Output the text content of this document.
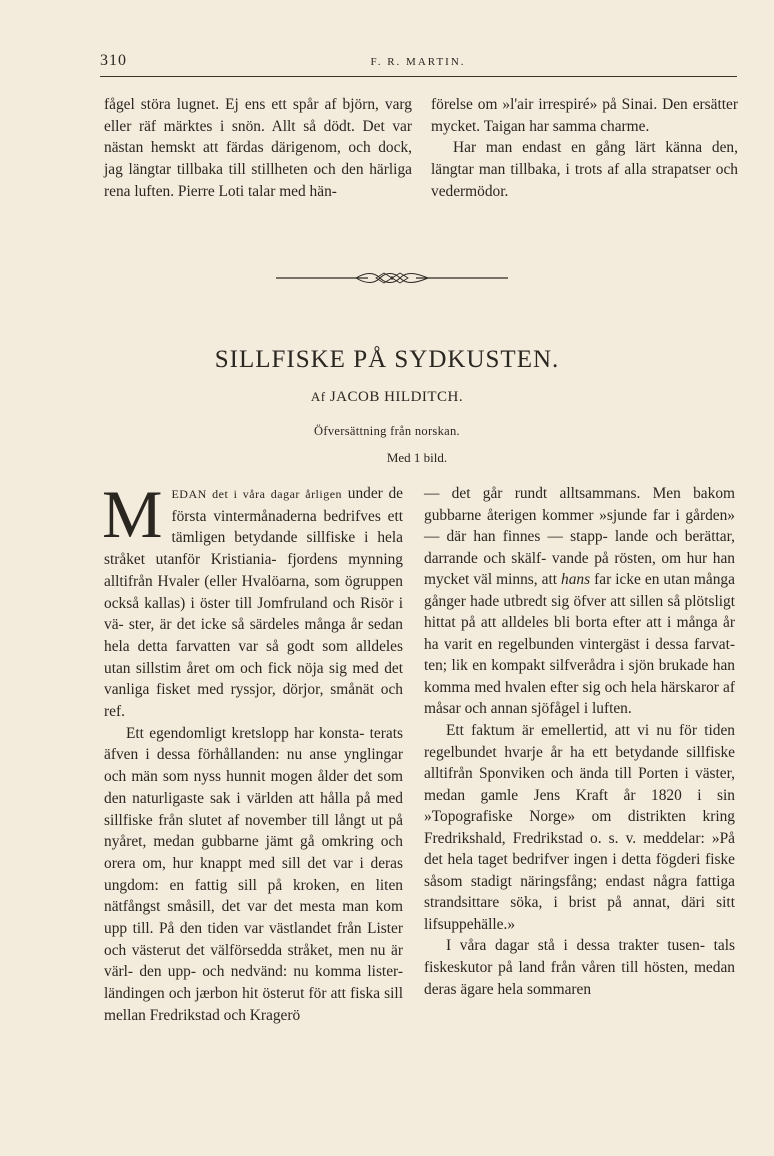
310	F. R. MARTIN.

fågel störa lugnet. Ej ens ett spår af björn, varg eller räf märktes i snön. Allt så dödt. Det var nästan hemskt att färdas därigenom, och dock, jag längtar tillbaka till stillheten och den härliga rena luften. Pierre Loti talar med hän-

förelse om »l'air irrespiré» på Sinai. Den ersätter mycket. Taigan har samma charme.

Har man endast en gång lärt känna den, längtar man tillbaka, i trots af alla strapatser och vedermödor.

SILLFISKE PÅ SYDKUSTEN.
Af JACOB HILDITCH.
Öfversättning från norskan.
Med 1 bild.

M EDAN det i våra dagar årligen under de första vintermånaderna bedrifves ett tämligen betydande sillfiske i hela stråket utanför Kristiania- fjordens mynning alltifrån Hvaler (eller Hvalöarna, som ögruppen också kallas) i öster till Jomfruland och Risör i vä- ster, är det icke så särdeles många år sedan hela detta farvatten var så godt som alldeles utan sillstim året om och fick nöja sig med det vanliga fisket med ryssjor, dörjor, smånät och ref.

Ett egendomligt kretslopp har konsta- terats äfven i dessa förhållanden: nu anse ynglingar och män som nyss hunnit mogen ålder det som den naturligaste sak i världen att hålla på med sillfiske från slutet af november till långt ut på nyåret, medan gubbarne jämt gå omkring och orera om, hur knappt med sill det var i deras ungdom: en fattig sill på kroken, en liten nätfångst småsill, det var det mesta man kom upp till. På den tiden var västlandet från Lister och västerut det välförsedda stråket, men nu är värl- den upp- och nedvänd: nu komma lister- ländingen och jærbon hit österut för att fiska sill mellan Fredrikstad och Kragerö

— det går rundt alltsammans. Men bakom gubbarne återigen kommer »sjunde far i gården» — där han finnes — stapp- lande och berättar, darrande och skälf- vande på rösten, om hur han mycket väl minns, att hans far icke en utan många gånger hade utbredt sig öfver att sillen så plötsligt hittat på att alldeles bli borta efter att i många år ha varit en regelbunden vintergäst i dessa farvat- ten; lik en kompakt silfverådra i sjön brukade han komma med hvalen efter sig och hela härskaror af måsar och annan sjöfågel i luften.

Ett faktum är emellertid, att vi nu för tiden regelbundet hvarje år ha ett betydande sillfiske alltifrån Sponviken och ända till Porten i väster, medan gamle Jens Kraft år 1820 i sin »Topografiske Norge» om distrikten kring Fredrikshald, Fredrikstad o. s. v. meddelar: »På det hela taget bedrifver ingen i detta fögderi fiske såsom stadigt näringsfång; endast några fattiga strandsittare söka, i brist på annat, däri sitt lifsuppehälle.»

I våra dagar stå i dessa trakter tusen- tals fiskeskutor på land från våren till hösten, medan deras ägare hela sommaren
